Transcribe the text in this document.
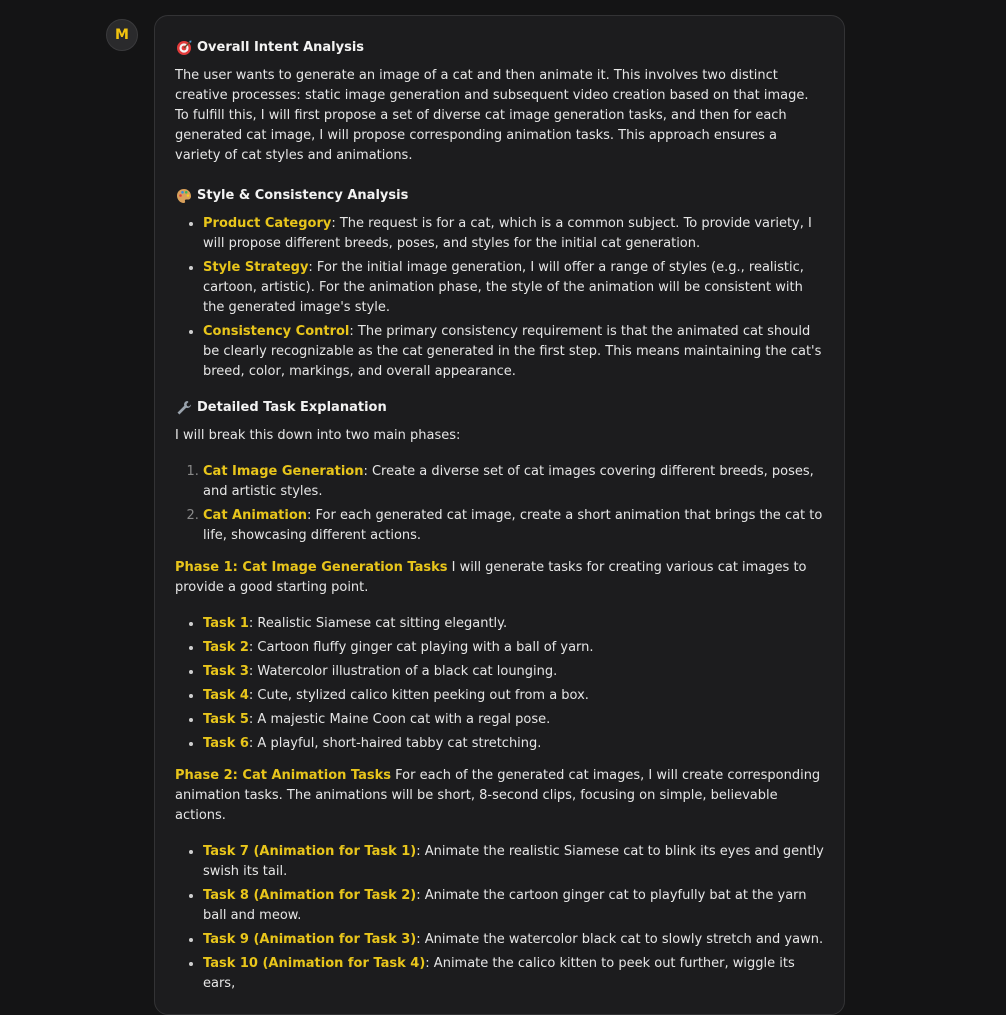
M
Overall Intent Analysis

The user wants to generate an image of a cat and then animate it. This involves two distinct creative processes: static image generation and subsequent video creation based on that image. To fulfill this, I will first propose a set of diverse cat image generation tasks, and then for each generated cat image, I will propose corresponding animation tasks. This approach ensures a variety of cat styles and animations.

Style & Consistency Analysis
• Product Category: The request is for a cat, which is a common subject. To provide variety, I will propose different breeds, poses, and styles for the initial cat generation.
• Style Strategy: For the initial image generation, I will offer a range of styles (e.g., realistic, cartoon, artistic). For the animation phase, the style of the animation will be consistent with the generated image's style.
• Consistency Control: The primary consistency requirement is that the animated cat should be clearly recognizable as the cat generated in the first step. This means maintaining the cat's breed, color, markings, and overall appearance.
Detailed Task Explanation

I will break this down into two main phases:

1. Cat Image Generation: Create a diverse set of cat images covering different breeds, poses, and artistic styles.
2. Cat Animation: For each generated cat image, create a short animation that brings the cat to life, showcasing different actions.

Phase 1: Cat Image Generation Tasks I will generate tasks for creating various cat images to provide a good starting point.

• Task 1: Realistic Siamese cat sitting elegantly.
• Task 2: Cartoon fluffy ginger cat playing with a ball of yarn.
• Task 3: Watercolor illustration of a black cat lounging.
• Task 4: Cute, stylized calico kitten peeking out from a box.
• Task 5: A majestic Maine Coon cat with a regal pose.
• Task 6: A playful, short-haired tabby cat stretching.

Phase 2: Cat Animation Tasks For each of the generated cat images, I will create corresponding animation tasks. The animations will be short, 8-second clips, focusing on simple, believable actions.

• Task 7 (Animation for Task 1): Animate the realistic Siamese cat to blink its eyes and gently swish its tail.
• Task 8 (Animation for Task 2): Animate the cartoon ginger cat to playfully bat at the yarn ball and meow.
• Task 9 (Animation for Task 3): Animate the watercolor black cat to slowly stretch and yawn.
• Task 10 (Animation for Task 4): Animate the calico kitten to peek out further, wiggle its ears,
